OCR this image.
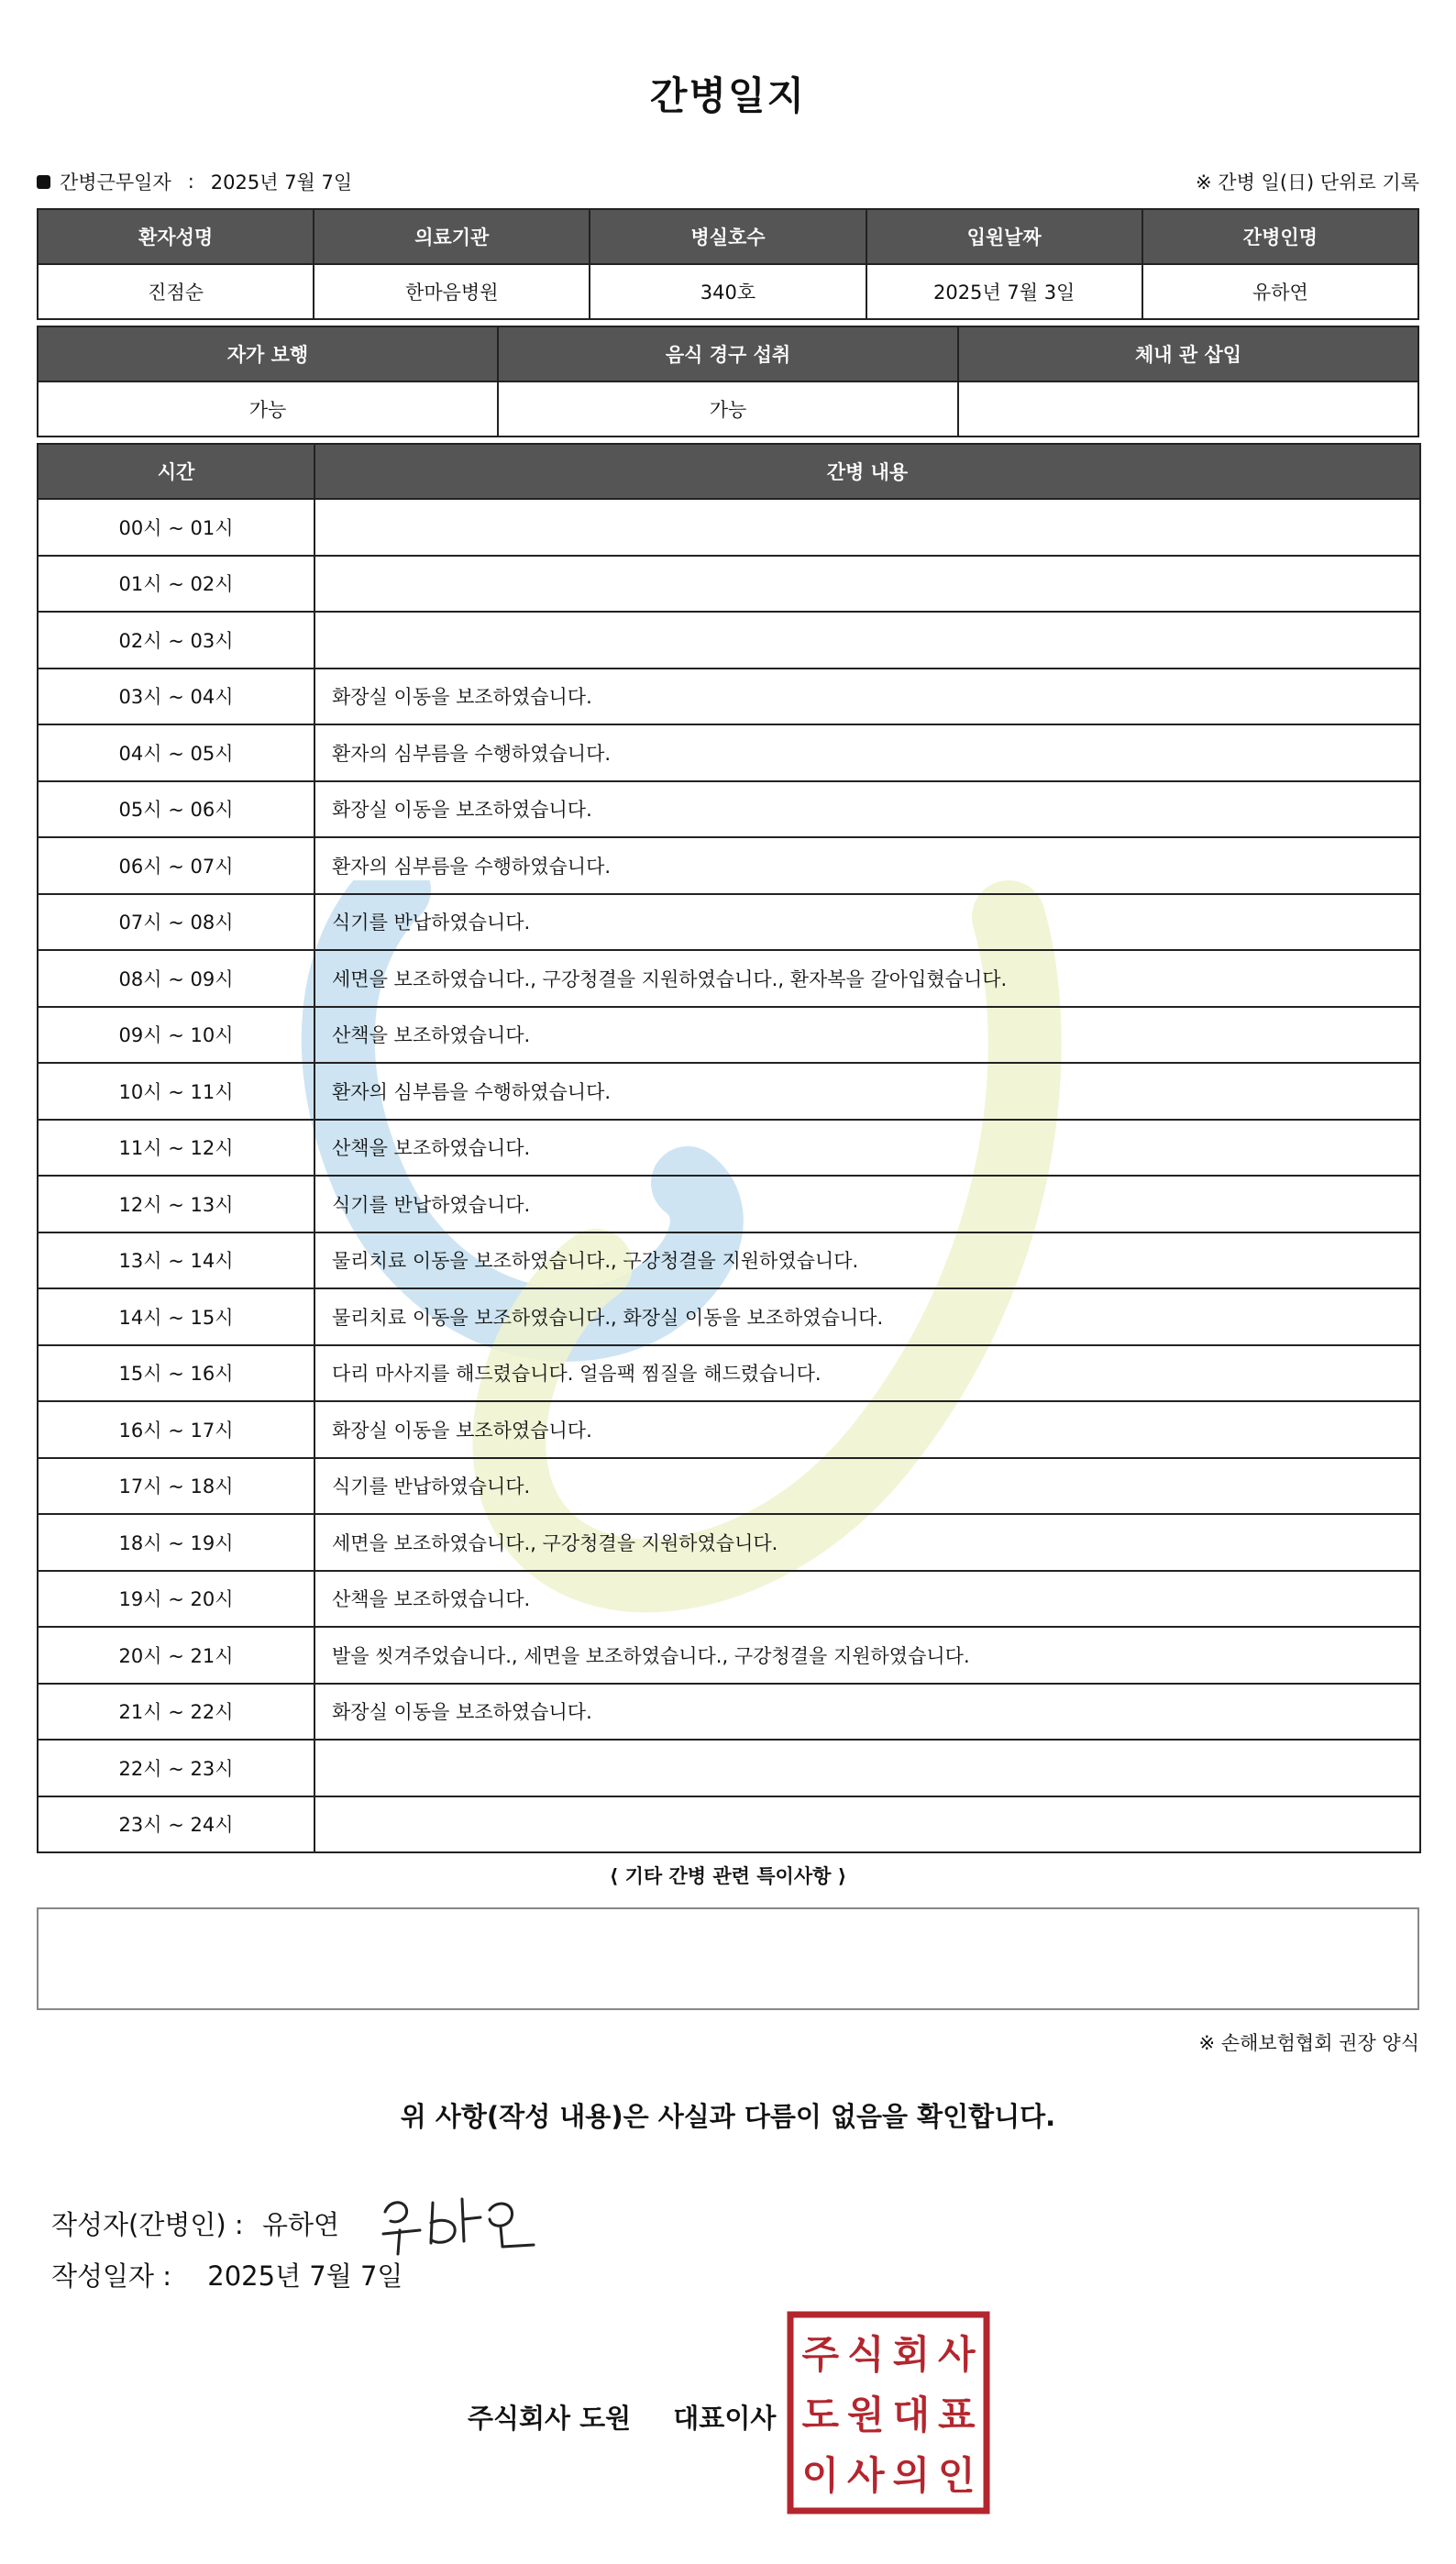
간병일지
간병근무일자 : 2025년 7월 7일	※ 간병 일(日) 단위로 기록
환자성명	의료기관	병실호수	입원날짜	간병인명
진점순	한마음병원	340호	2025년 7월 3일	유하연
자가 보행	음식 경구 섭취	체내 관 삽입
가능	가능	
시간	간병 내용
00시 ~ 01시	
01시 ~ 02시	
02시 ~ 03시	
03시 ~ 04시	화장실 이동을 보조하였습니다.
04시 ~ 05시	환자의 심부름을 수행하였습니다.
05시 ~ 06시	화장실 이동을 보조하였습니다.
06시 ~ 07시	환자의 심부름을 수행하였습니다.
07시 ~ 08시	식기를 반납하였습니다.
08시 ~ 09시	세면을 보조하였습니다., 구강청결을 지원하였습니다., 환자복을 갈아입혔습니다.
09시 ~ 10시	산책을 보조하였습니다.
10시 ~ 11시	환자의 심부름을 수행하였습니다.
11시 ~ 12시	산책을 보조하였습니다.
12시 ~ 13시	식기를 반납하였습니다.
13시 ~ 14시	물리치료 이동을 보조하였습니다., 구강청결을 지원하였습니다.
14시 ~ 15시	물리치료 이동을 보조하였습니다., 화장실 이동을 보조하였습니다.
15시 ~ 16시	다리 마사지를 해드렸습니다. 얼음팩 찜질을 해드렸습니다.
16시 ~ 17시	화장실 이동을 보조하였습니다.
17시 ~ 18시	식기를 반납하였습니다.
18시 ~ 19시	세면을 보조하였습니다., 구강청결을 지원하였습니다.
19시 ~ 20시	산책을 보조하였습니다.
20시 ~ 21시	발을 씻겨주었습니다., 세면을 보조하였습니다., 구강청결을 지원하였습니다.
21시 ~ 22시	화장실 이동을 보조하였습니다.
22시 ~ 23시	
23시 ~ 24시	
⟨ 기타 간병 관련 특이사항 ⟩
※ 손해보험협회 권장 양식
위 사항(작성 내용)은 사실과 다름이 없음을 확인합니다.
작성자(간병인) : 유하연
작성일자 : 2025년 7월 7일
주식회사 도원 대표이사
주 식 회 사
도 원 대 표
이 사 의 인
